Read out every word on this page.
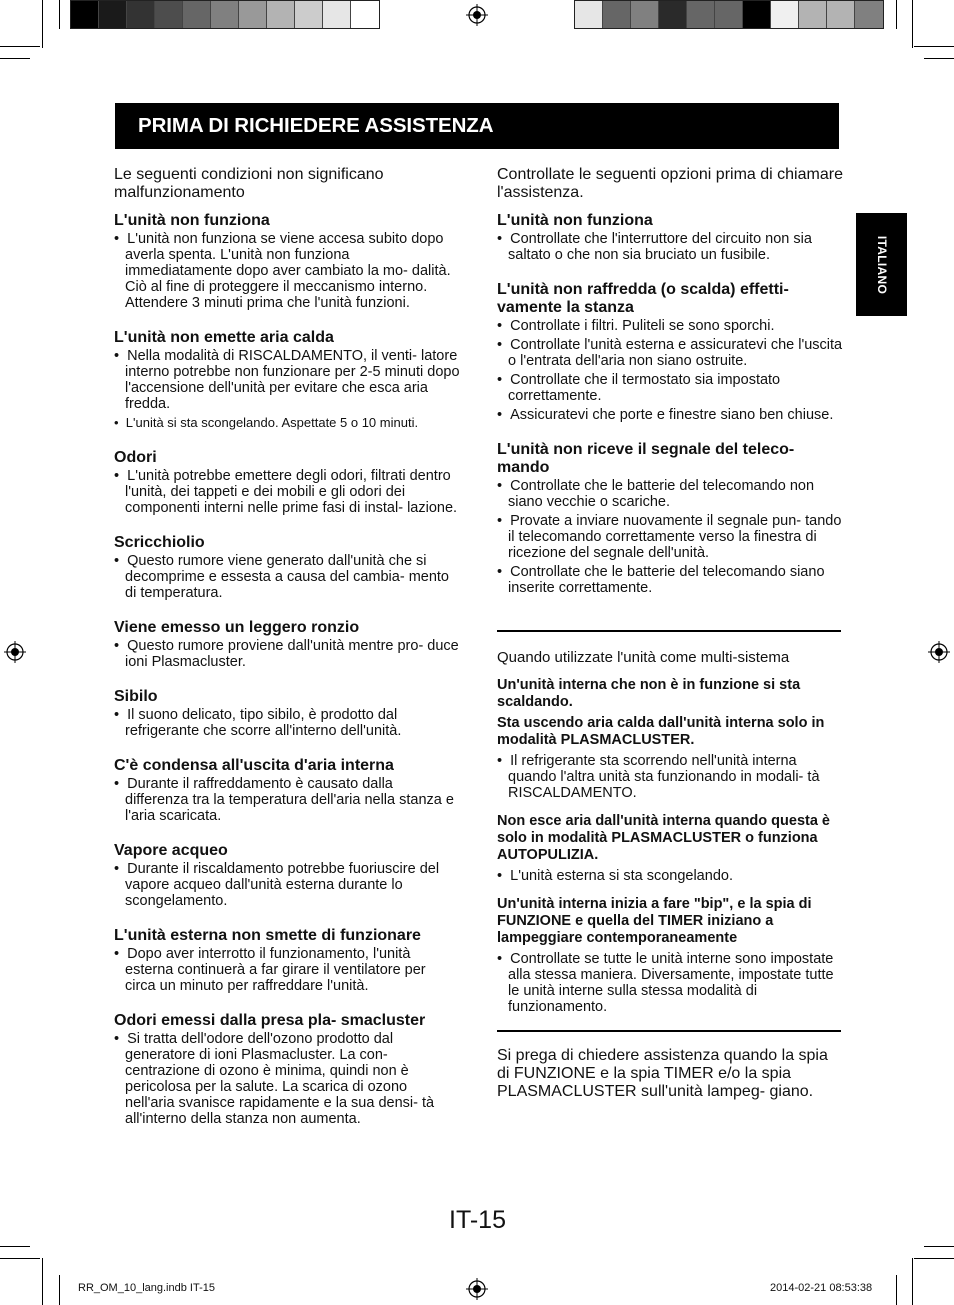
PRIMA DI RICHIEDERE ASSISTENZA
ITALIANO

Le seguenti condizioni non significano malfunzionamento

L'unità non funziona
•  L'unità non funziona se viene accesa subito dopo averla spenta. L'unità non funziona immediatamente dopo aver cambiato la mo- dalità. Ciò al fine di proteggere il meccanismo interno. Attendere 3 minuti prima che l'unità funzioni.
L'unità non emette aria calda
•  Nella modalità di RISCALDAMENTO, il venti- latore interno potrebbe non funzionare per 2-5 minuti dopo l'accensione dell'unità per evitare che esca aria fredda.
•  L'unità si sta scongelando. Aspettate 5 o 10 minuti.
Odori
•  L'unità potrebbe emettere degli odori, filtrati dentro l'unità, dei tappeti e dei mobili e gli odori dei componenti interni nelle prime fasi di instal- lazione.
Scricchiolio
•  Questo rumore viene generato dall'unità che si decomprime e essesta a causa del cambia- mento di temperatura.
Viene emesso un leggero ronzio
•  Questo rumore proviene dall'unità mentre pro- duce ioni Plasmacluster.
Sibilo
•  Il suono delicato, tipo sibilo, è prodotto dal refrigerante che scorre all'interno dell'unità.
C'è condensa all'uscita d'aria interna
•  Durante il raffreddamento è causato dalla differenza tra la temperatura dell'aria nella stanza e l'aria scaricata.
Vapore acqueo
•  Durante il riscaldamento potrebbe fuoriuscire del vapore acqueo dall'unità esterna durante lo scongelamento.
L'unità esterna non smette di funzionare
•  Dopo aver interrotto il funzionamento, l'unità esterna continuerà a far girare il ventilatore per circa un minuto per raffreddare l'unità.
Odori emessi dalla presa pla- smacluster
•  Si tratta dell'odore dell'ozono prodotto dal generatore di ioni Plasmacluster. La con- centrazione di ozono è minima, quindi non è pericolosa per la salute. La scarica di ozono nell'aria svanisce rapidamente e la sua densi- tà all'interno della stanza non aumenta.

Controllate le seguenti opzioni prima di chiamare l'assistenza.

L'unità non funziona
•  Controllate che l'interruttore del circuito non sia saltato o che non sia bruciato un fusibile.
L'unità non raffredda (o scalda) effetti- vamente la stanza
•  Controllate i filtri. Puliteli se sono sporchi.
•  Controllate l'unità esterna e assicuratevi che l'uscita o l'entrata dell'aria non siano ostruite.
•  Controllate che il termostato sia impostato correttamente.
•  Assicuratevi che porte e finestre siano ben chiuse.
L'unità non riceve il segnale del teleco- mando
•  Controllate che le batterie del telecomando non siano vecchie o scariche.
•  Provate a inviare nuovamente il segnale pun- tando il telecomando correttamente verso la finestra di ricezione del segnale dell'unità.
•  Controllate che le batterie del telecomando siano inserite correttamente.

Quando utilizzate l'unità come multi-sistema

Un'unità interna che non è in funzione si sta scaldando.
Sta uscendo aria calda dall'unità interna solo in modalità PLASMACLUSTER.
•  Il refrigerante sta scorrendo nell'unità interna quando l'altra unità sta funzionando in modali- tà RISCALDAMENTO.
Non esce aria dall'unità interna quando questa è solo in modalità PLASMACLUSTER o funziona AUTOPULIZIA.
•  L'unità esterna si sta scongelando.
Un'unità interna inizia a fare "bip", e la spia di FUNZIONE e quella del TIMER iniziano a lampeggiare contemporaneamente
•  Controllate se tutte le unità interne sono impostate alla stessa maniera. Diversamente, impostate tutte le unità interne sulla stessa modalità di funzionamento.
Si prega di chiedere assistenza quando la spia di FUNZIONE e la spia TIMER e/o la spia PLASMACLUSTER sull'unità lampeg- giano.
IT-15
RR_OM_10_lang.indb IT-15	2014-02-21 08:53:38
